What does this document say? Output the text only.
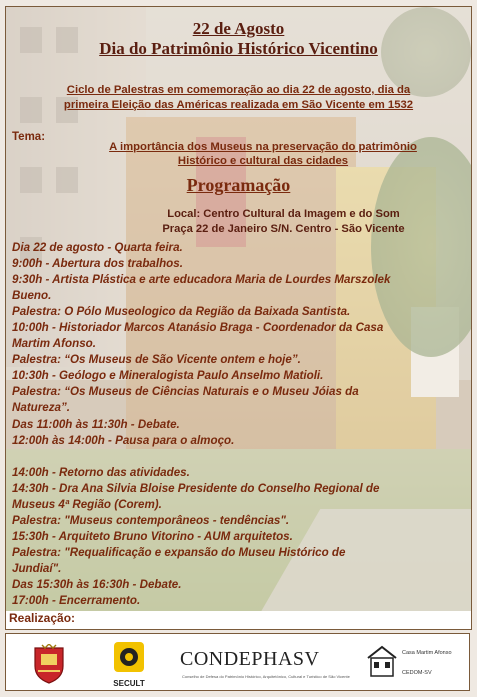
22 de Agosto
Dia do Patrimônio Histórico Vicentino
Ciclo de Palestras em comemoração ao dia 22 de agosto, dia da
primeira Eleição das Américas realizada em São Vicente em 1532
Tema:
A importância dos Museus na preservação do patrimônio
Histórico e cultural das cidades
Programação
Local: Centro Cultural da Imagem e do Som
Praça 22 de Janeiro S/N. Centro - São Vicente
Dia 22 de agosto - Quarta feira.
9:00h - Abertura dos trabalhos.
9:30h - Artista Plástica e arte educadora Maria de Lourdes Marszolek
Bueno.
Palestra: O Pólo Museologico da Região da Baixada Santista.
10:00h - Historiador Marcos Atanásio Braga - Coordenador da Casa
Martim Afonso.
Palestra: “Os Museus de São Vicente ontem e hoje”.
10:30h - Geólogo e Mineralogista Paulo Anselmo Matioli.
Palestra: “Os Museus de Ciências Naturais e o Museu Jóias da
Natureza”.
Das 11:00h às 11:30h - Debate.
12:00h às 14:00h - Pausa para o almoço.
14:00h - Retorno das atividades.
14:30h - Dra Ana Silvia Bloise Presidente do Conselho Regional de
Museus 4ª Região (Corem).
Palestra: "Museus contemporâneos - tendências".
15:30h - Arquiteto Bruno Vitorino - AUM arquitetos.
Palestra: "Requalificação e expansão do Museu Histórico de
Jundiaí".
Das 15:30h às 16:30h - Debate.
17:00h - Encerramento.
Realização:
SECULT
CONDEPHASV
Conselho de Defesa do Patrimônio Histórico, Arquitetônico, Cultural e Turístico de São Vicente
Casa Martim Afonso
CEDOM-SV
